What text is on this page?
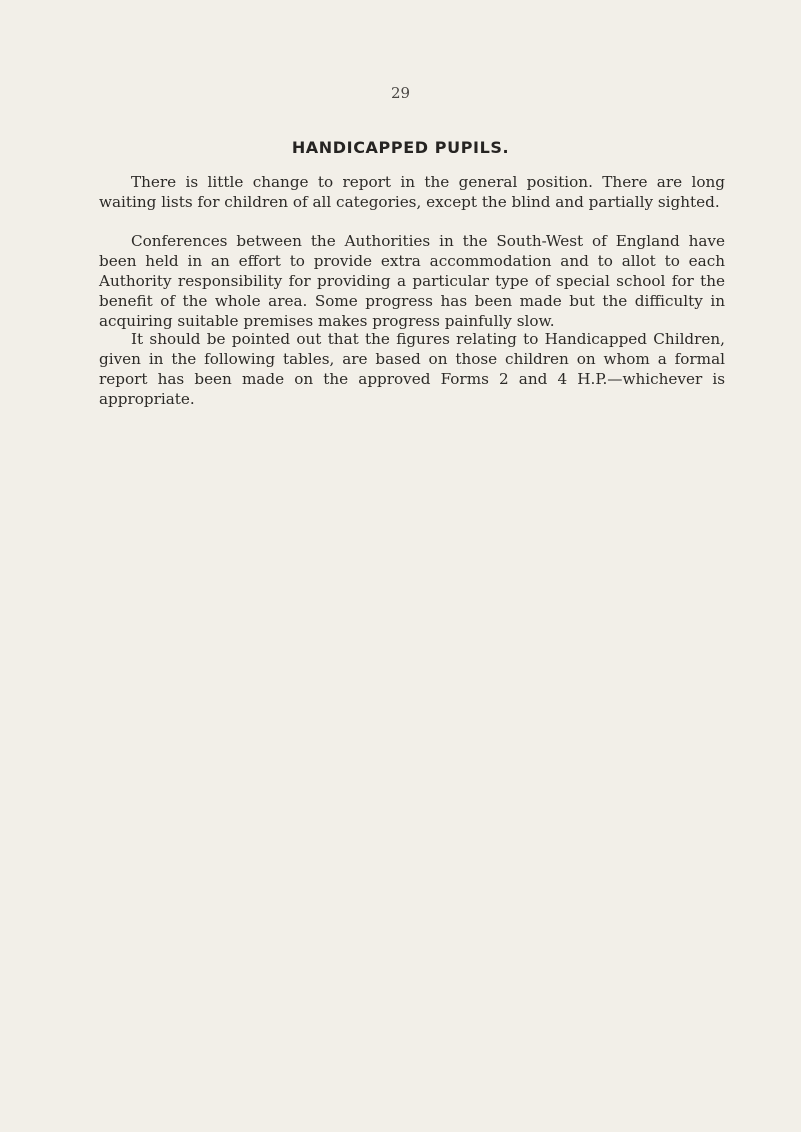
29
HANDICAPPED PUPILS.

There is little change to report in the general position. There are long waiting lists for children of all categories, except the blind and partially sighted.

Conferences between the Authorities in the South-West of England have been held in an effort to provide extra accommodation and to allot to each Authority responsibility for providing a particular type of special school for the benefit of the whole area. Some progress has been made but the difficulty in acquiring suitable premises makes progress painfully slow.

It should be pointed out that the figures relating to Handicapped Children, given in the following tables, are based on those children on whom a formal report has been made on the approved Forms 2 and 4 H.P.—whichever is appropriate.
